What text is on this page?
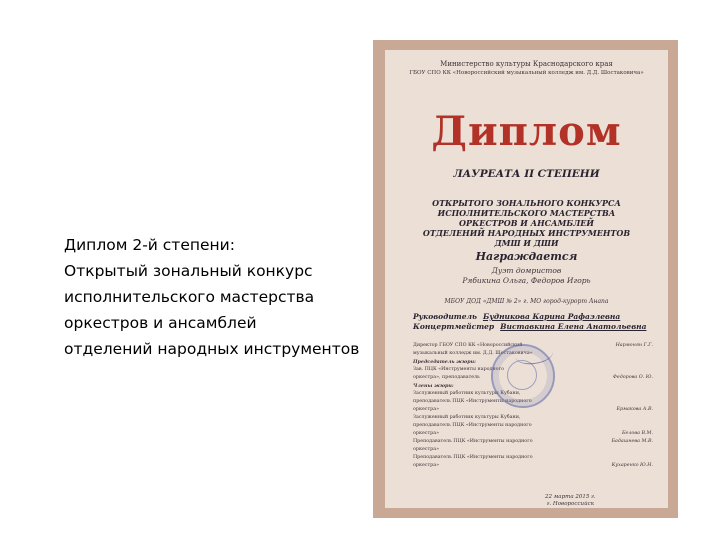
Диплом 2-й степени:
Открытый зональный конкурс
исполнительского мастерства
оркестров и ансамблей
отделений народных инструментов
Министерство культуры Краснодарского края
ГБОУ СПО КК «Новороссийский музыкальный колледж им. Д.Д. Шостаковича»
Диплом
ЛАУРЕАТА II СТЕПЕНИ
ОТКРЫТОГО ЗОНАЛЬНОГО КОНКУРСА
ИСПОЛНИТЕЛЬСКОГО МАСТЕРСТВА
ОРКЕСТРОВ И АНСАМБЛЕЙ
ОТДЕЛЕНИЙ НАРОДНЫХ ИНСТРУМЕНТОВ
ДМШ И ДШИ
Награждается
Дуэт домристов
Рябикина Ольга, Федоров Игорь
МБОУ ДОД «ДМШ № 2» г. МО город-курорт Анапа
Руководитель Будникова Карина Рафаэлевна
Концертмейстер Виставкина Елена Анатольевна
Директор ГБОУ СПО КК «Новороссийский	Нармонян Г.Г.
музыкальный колледж им. Д.Д. Шостаковича»
Председатель жюри:
Зав. ПЦК «Инструменты народного
оркестра», преподаватель	Федорова О. Ю.
Члены жюри:
Заслуженный работник культуры Кубани,
преподаватель ПЦК «Инструменты народного
оркестра»	Ермакова А.В.
Заслуженный работник культуры Кубани,
преподаватель ПЦК «Инструменты народного
оркестра»	Белова В.М.
Преподаватель ПЦК «Инструменты народного	Бадашнева М.В.
оркестра»
Преподаватель ПЦК «Инструменты народного
оркестра»	Кухаренко Ю.Н.
22 марта 2015 г.
г. Новороссийск
